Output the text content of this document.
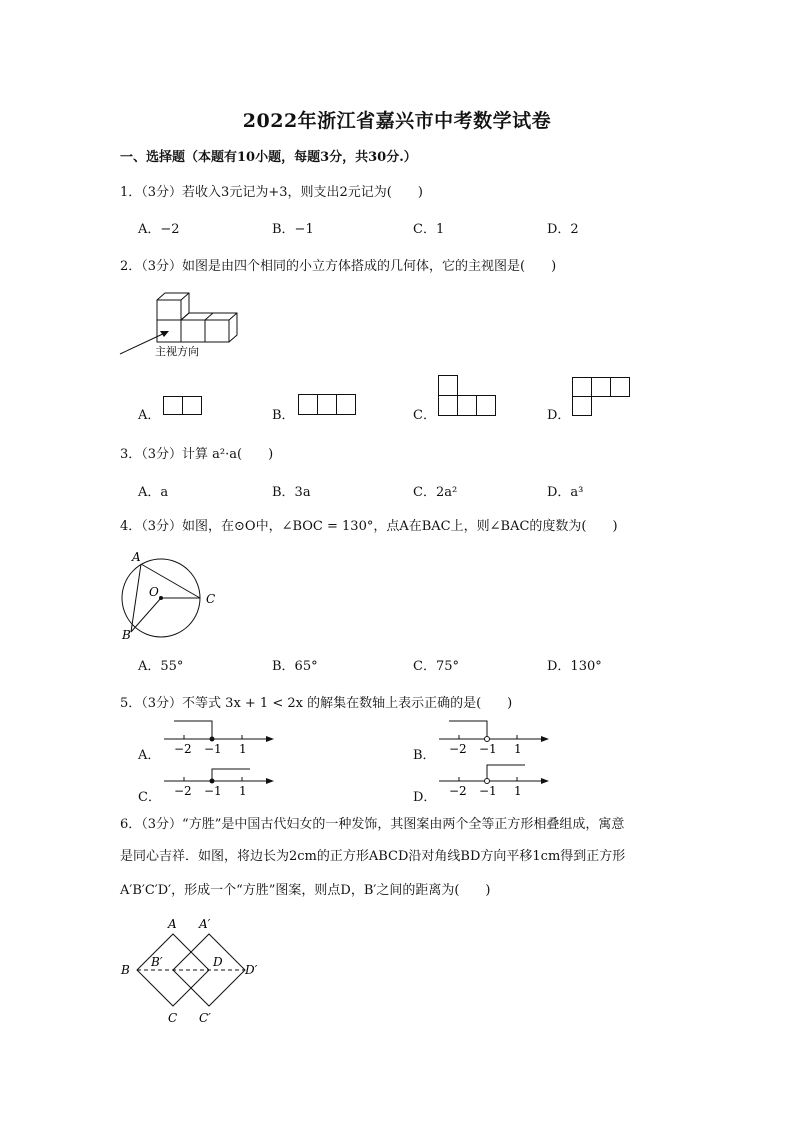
2022年浙江省嘉兴市中考数学试卷
一、选择题（本题有10小题，每题3分，共30分.）
1．（3分）若收入3元记为+3，则支出2元记为(　　)
A．−2	B．−1	C．1	D．2
2．（3分）如图是由四个相同的小立方体搭成的几何体，它的主视图是(　　)
主视方向
A．	B．	C．	D．
3．（3分）计算 a²·a(　　)
A．a	B．3a	C．2a²	D．a³
4．（3分）如图，在⊙O中，∠BOC = 130°，点A在BAC上，则∠BAC的度数为(　　)
A
O	C
B
A．55°	B．65°	C．75°	D．130°
5．（3分）不等式 3x + 1 < 2x 的解集在数轴上表示正确的是(　　)
A． −2 −1 1	B． −2 −1 1
C． −2 −1 1	D． −2 −1 1
6．（3分）“方胜”是中国古代妇女的一种发饰，其图案由两个全等正方形相叠组成，寓意
是同心吉祥．如图，将边长为2cm的正方形ABCD沿对角线BD方向平移1cm得到正方形
A′B′C′D′，形成一个“方胜”图案，则点D，B′之间的距离为(　　)
A A′
B
B′	D
D′
C C′
